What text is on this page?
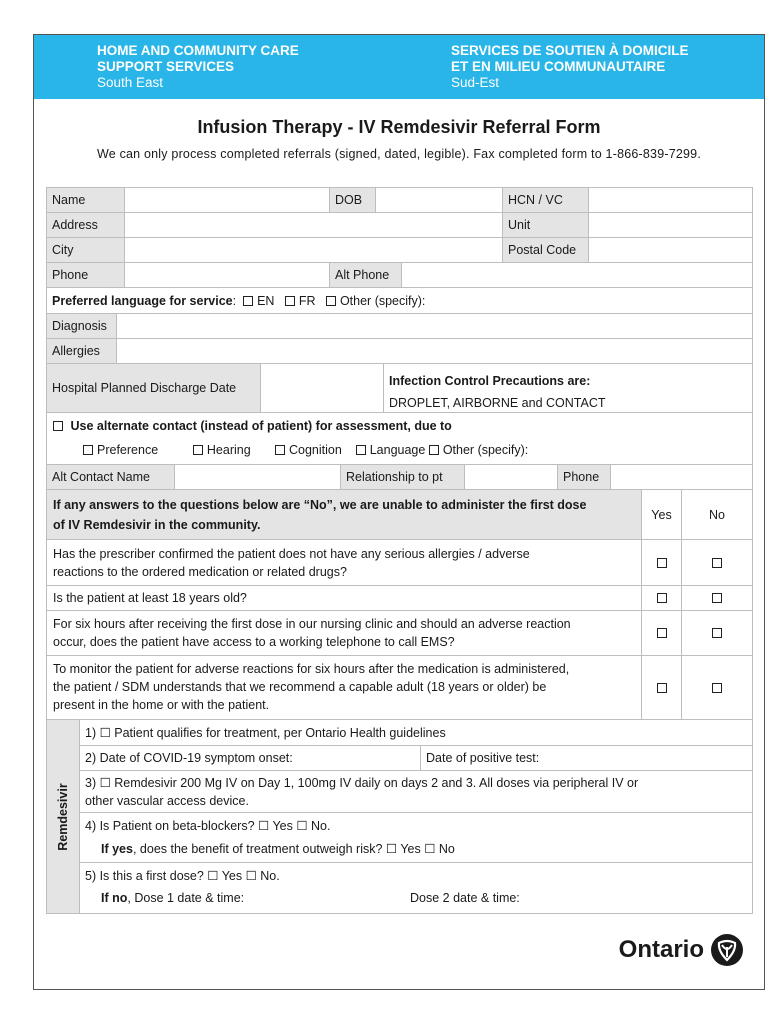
HOME AND COMMUNITY CARE
SUPPORT SERVICES
South East
SERVICES DE SOUTIEN À DOMICILE
ET EN MILIEU COMMUNAUTAIRE
Sud-Est
Infusion Therapy - IV Remdesivir Referral Form
We can only process completed referrals (signed, dated, legible). Fax completed form to 1-866-839-7299.
Name	DOB	HCN / VC
Address	Unit
City	Postal Code
Phone	Alt Phone
Preferred language for service : EN
FR
Other (specify):
Diagnosis
Allergies
Hospital Planned Discharge Date	Infection Control Precautions are:
DROPLET, AIRBORNE and CONTACT
Use alternate contact (instead of patient) for assessment, due to
Preference	Hearing	Cognition Language Other (specify):
Alt Contact Name	Relationship to pt	Phone
If any answers to the questions below are “No”, we are unable to administer the first dose
of IV Remdesivir in the community.
Yes	No
Has the prescriber confirmed the patient does not have any serious allergies / adverse
reactions to the ordered medication or related drugs?
Is the patient at least 18 years old?
For six hours after receiving the first dose in our nursing clinic and should an adverse reaction
occur, does the patient have access to a working telephone to call EMS?
To monitor the patient for adverse reactions for six hours after the medication is administered,
the patient / SDM understands that we recommend a capable adult (18 years or older) be
present in the home or with the patient.
Remdesivir
1) ☐ Patient qualifies for treatment, per Ontario Health guidelines
2) Date of COVID-19 symptom onset:	Date of positive test:
3) ☐ Remdesivir 200 Mg IV on Day 1, 100mg IV daily on days 2 and 3. All doses via peripheral IV or
other vascular access device.
4) Is Patient on beta-blockers? ☐ Yes ☐ No.
If yes, does the benefit of treatment outweigh risk? ☐ Yes ☐ No
5) Is this a first dose? ☐ Yes ☐ No.
If no, Dose 1 date & time:	Dose 2 date & time:
Ontario
